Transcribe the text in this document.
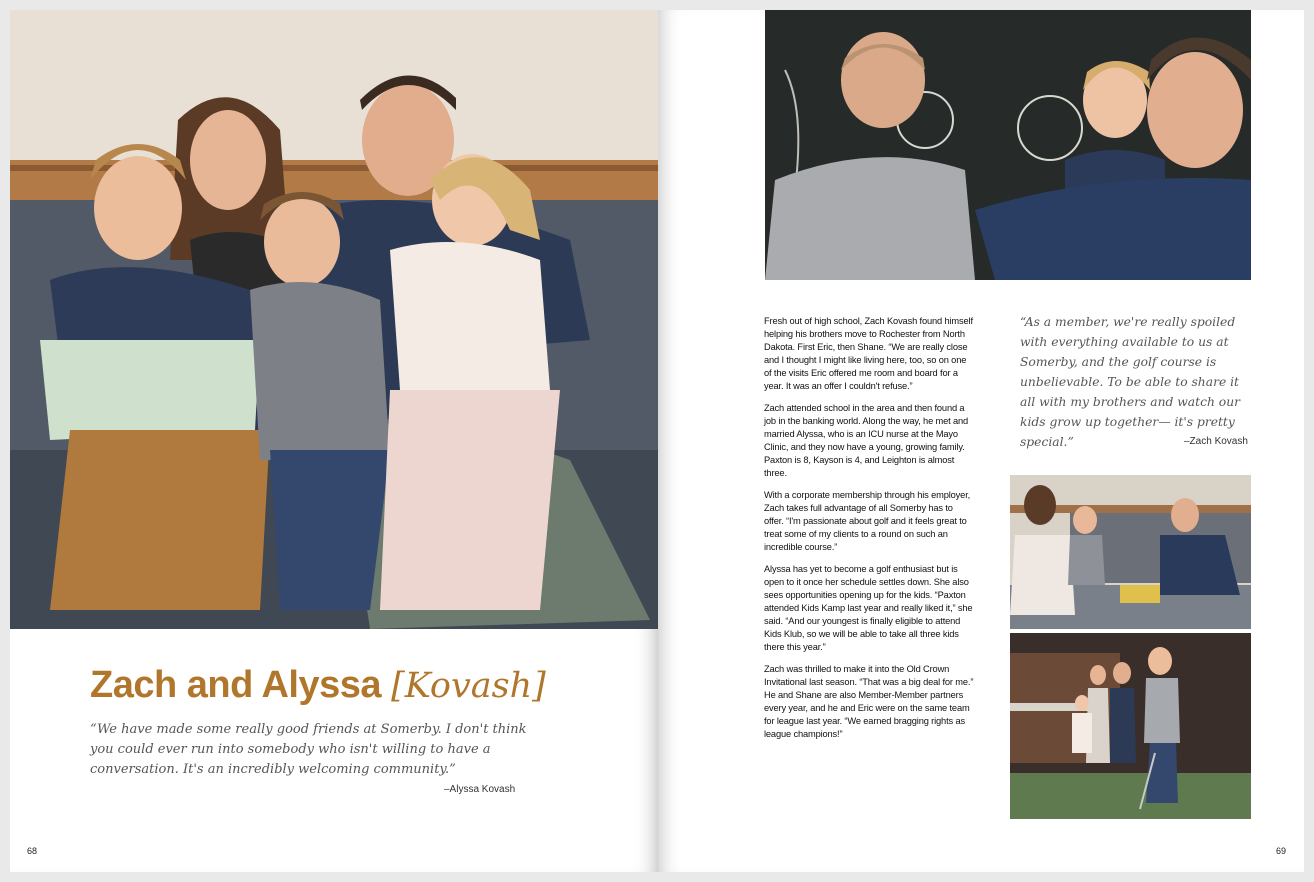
Zach and Alyssa [Kovash]

“We have made some really good friends at Somerby. I don't think you could ever run into somebody who isn't willing to have a conversation. It's an incredibly welcoming community.”

–Alyssa Kovash
68

Fresh out of high school, Zach Kovash found himself helping his brothers move to Rochester from North Dakota. First Eric, then Shane. “We are really close and I thought I might like living here, too, so on one of the visits Eric offered me room and board for a year. It was an offer I couldn't refuse.”

Zach attended school in the area and then found a job in the banking world. Along the way, he met and married Alyssa, who is an ICU nurse at the Mayo Clinic, and they now have a young, growing family. Paxton is 8, Kayson is 4, and Leighton is almost three.

With a corporate membership through his employer, Zach takes full advantage of all Somerby has to offer. “I'm passionate about golf and it feels great to treat some of my clients to a round on such an incredible course.”

Alyssa has yet to become a golf enthusiast but is open to it once her schedule settles down. She also sees opportunities opening up for the kids. “Paxton attended Kids Kamp last year and really liked it,” she said. “And our youngest is finally eligible to attend Kids Klub, so we will be able to take all three kids there this year.”

Zach was thrilled to make it into the Old Crown Invitational last season. “That was a big deal for me.” He and Shane are also Member-Member partners every year, and he and Eric were on the same team for league last year. “We earned bragging rights as league champions!”

“As a member, we're really spoiled with everything available to us at Somerby, and the golf course is unbelievable. To be able to share it all with my brothers and watch our kids grow up together— it's pretty special.”	–Zach Kovash
69
